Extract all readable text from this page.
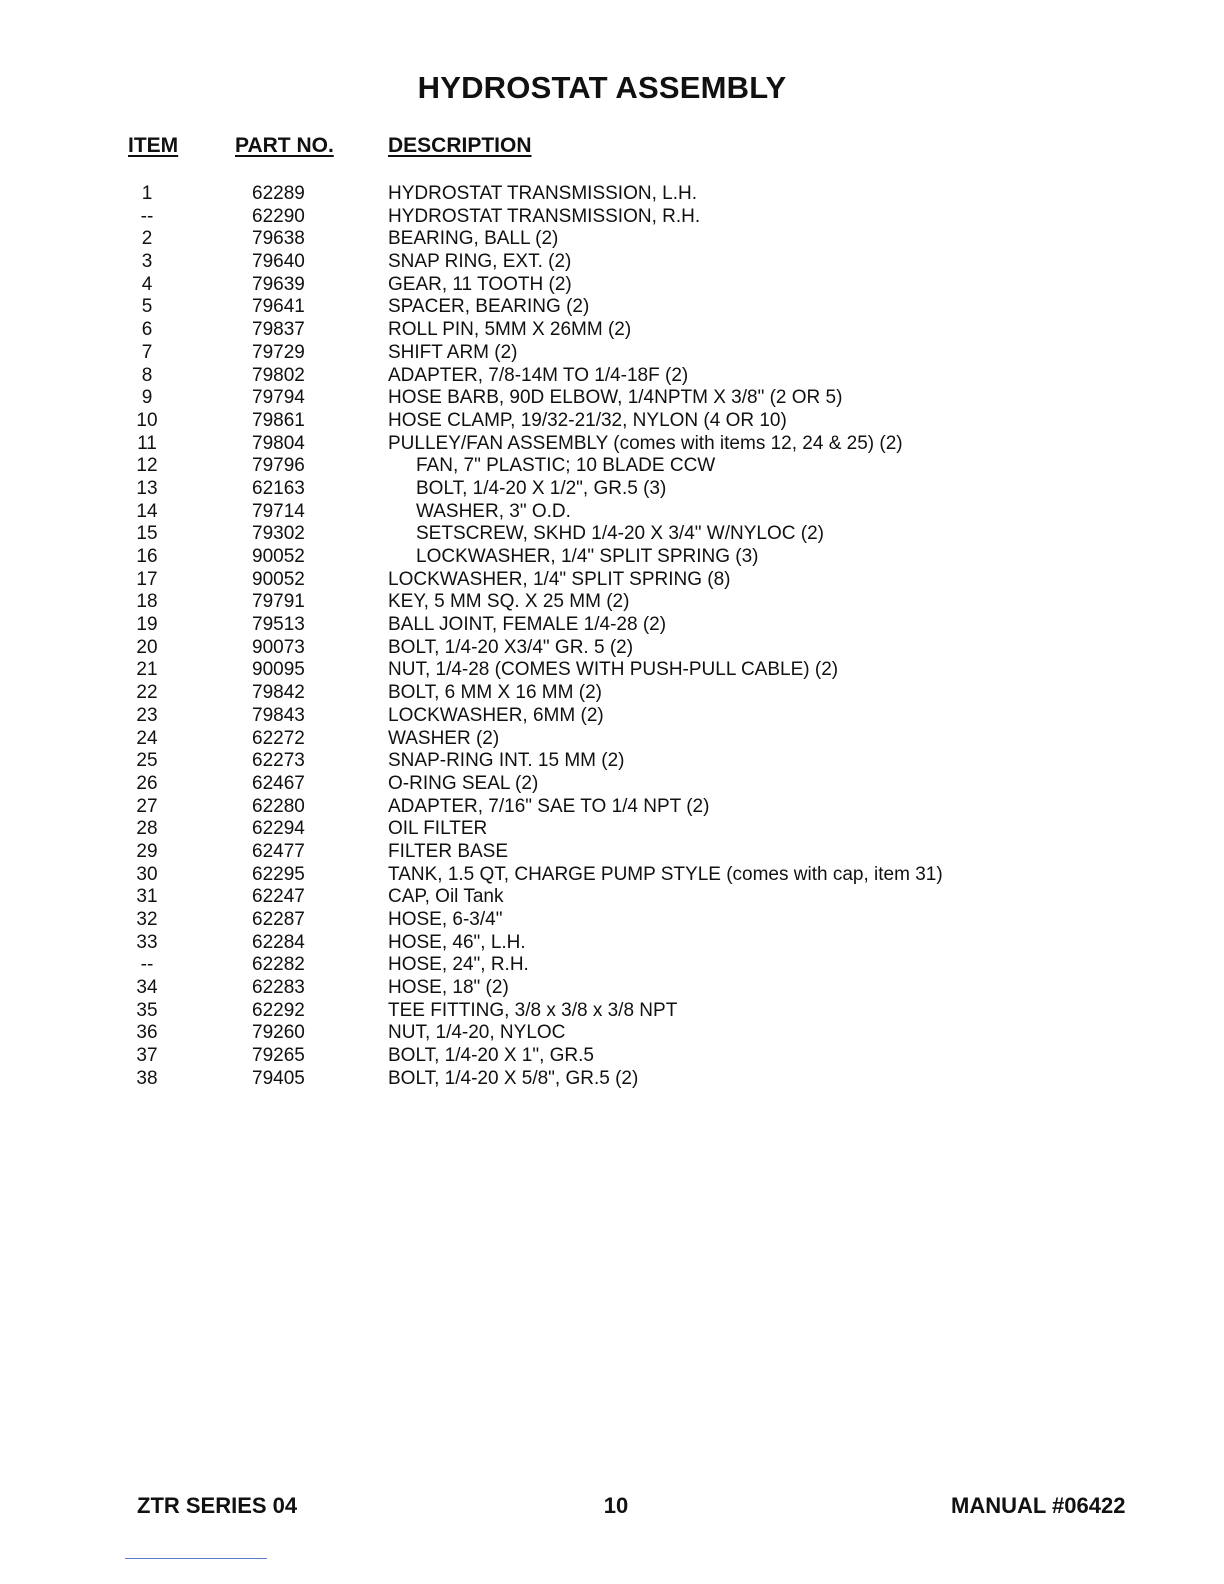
HYDROSTAT ASSEMBLY
ITEM	PART NO.	DESCRIPTION
1	62289	HYDROSTAT TRANSMISSION, L.H.
--	62290	HYDROSTAT TRANSMISSION, R.H.
2	79638	BEARING, BALL (2)
3	79640	SNAP RING, EXT. (2)
4	79639	GEAR, 11 TOOTH (2)
5	79641	SPACER, BEARING (2)
6	79837	ROLL PIN, 5MM X 26MM (2)
7	79729	SHIFT ARM (2)
8	79802	ADAPTER, 7/8-14M TO 1/4-18F (2)
9	79794	HOSE BARB, 90D ELBOW, 1/4NPTM X 3/8" (2 OR 5)
10	79861	HOSE CLAMP, 19/32-21/32, NYLON (4 OR 10)
11	79804	PULLEY/FAN ASSEMBLY (comes with items 12, 24 & 25) (2)
12	79796	FAN, 7" PLASTIC; 10 BLADE CCW
13	62163	BOLT, 1/4-20 X 1/2", GR.5 (3)
14	79714	WASHER, 3" O.D.
15	79302	SETSCREW, SKHD 1/4-20 X 3/4" W/NYLOC (2)
16	90052	LOCKWASHER, 1/4" SPLIT SPRING (3)
17	90052	LOCKWASHER, 1/4" SPLIT SPRING (8)
18	79791	KEY, 5 MM SQ. X 25 MM (2)
19	79513	BALL JOINT, FEMALE 1/4-28 (2)
20	90073	BOLT, 1/4-20 X3/4" GR. 5 (2)
21	90095	NUT, 1/4-28 (COMES WITH PUSH-PULL CABLE) (2)
22	79842	BOLT, 6 MM X 16 MM (2)
23	79843	LOCKWASHER, 6MM (2)
24	62272	WASHER (2)
25	62273	SNAP-RING INT. 15 MM (2)
26	62467	O-RING SEAL (2)
27	62280	ADAPTER, 7/16" SAE TO 1/4 NPT (2)
28	62294	OIL FILTER
29	62477	FILTER BASE
30	62295	TANK, 1.5 QT, CHARGE PUMP STYLE (comes with cap, item 31)
31	62247	CAP, Oil Tank
32	62287	HOSE, 6-3/4"
33	62284	HOSE, 46", L.H.
--	62282	HOSE, 24", R.H.
34	62283	HOSE, 18" (2)
35	62292	TEE FITTING, 3/8 x 3/8 x 3/8 NPT
36	79260	NUT, 1/4-20, NYLOC
37	79265	BOLT, 1/4-20 X 1", GR.5
38	79405	BOLT, 1/4-20 X 5/8", GR.5 (2)
ZTR SERIES 04	10	MANUAL #06422
